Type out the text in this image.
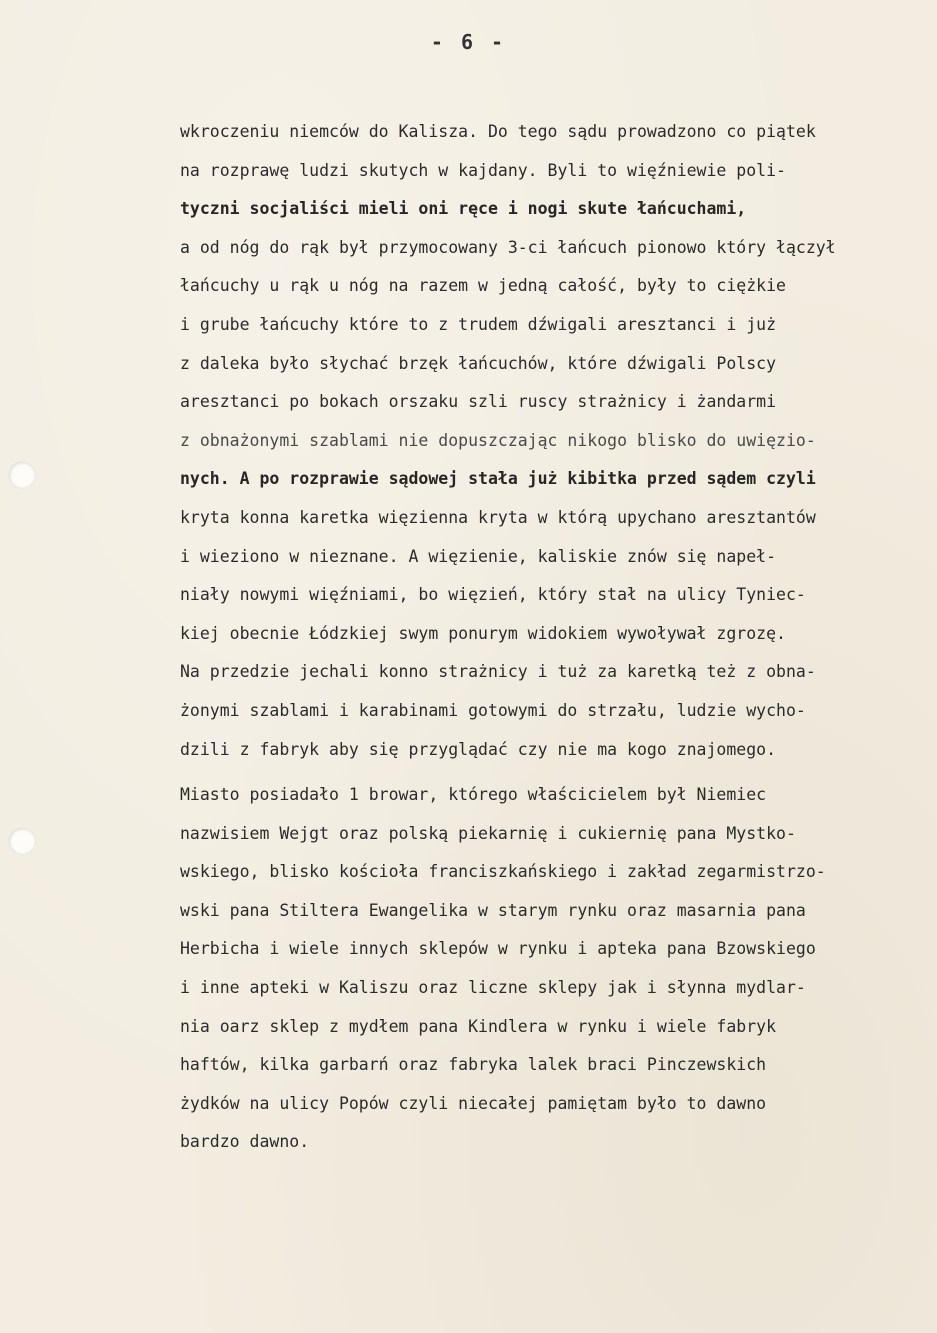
- 6 -
wkroczeniu niemców do Kalisza. Do tego sądu prowadzono co piątek
na rozprawę ludzi skutych w kajdany. Byli to więźniewie poli-
tyczni socjaliści mieli oni ręce i nogi skute łańcuchami,
a od nóg do rąk był przymocowany 3-ci łańcuch pionowo który łączył
łańcuchy u rąk u nóg na razem w jedną całość, były to ciężkie
i grube łańcuchy które to z trudem dźwigali aresztanci i już
z daleka było słychać brzęk łańcuchów, które dźwigali Polscy
aresztanci po bokach orszaku szli ruscy strażnicy i żandarmi
z obnażonymi szablami nie dopuszczając nikogo blisko do uwięzio-
nych. A po rozprawie sądowej stała już kibitka przed sądem czyli
kryta konna karetka więzienna kryta w którą upychano aresztantów
i wieziono w nieznane. A więzienie, kaliskie znów się napeł-
niały nowymi więźniami, bo więzień, który stał na ulicy Tyniec-
kiej obecnie Łódzkiej swym ponurym widokiem wywoływał zgrozę.
Na przedzie jechali konno strażnicy i tuż za karetką też z obna-
żonymi szablami i karabinami gotowymi do strzału, ludzie wycho-
dzili z fabryk aby się przyglądać czy nie ma kogo znajomego.
Miasto posiadało 1 browar, którego właścicielem był Niemiec
nazwisiem Wejgt oraz polską piekarnię i cukiernię pana Mystko-
wskiego, blisko kościoła franciszkańskiego i zakład zegarmistrzo-
wski pana Stiltera Ewangelika w starym rynku oraz masarnia pana
Herbicha i wiele innych sklepów w rynku i apteka pana Bzowskiego
i inne apteki w Kaliszu oraz liczne sklepy jak i słynna mydlar-
nia oarz sklep z mydłem pana Kindlera w rynku i wiele fabryk
haftów, kilka garbarń oraz fabryka lalek braci Pinczewskich
żydków na ulicy Popów czyli niecałej pamiętam było to dawno
bardzo dawno.
